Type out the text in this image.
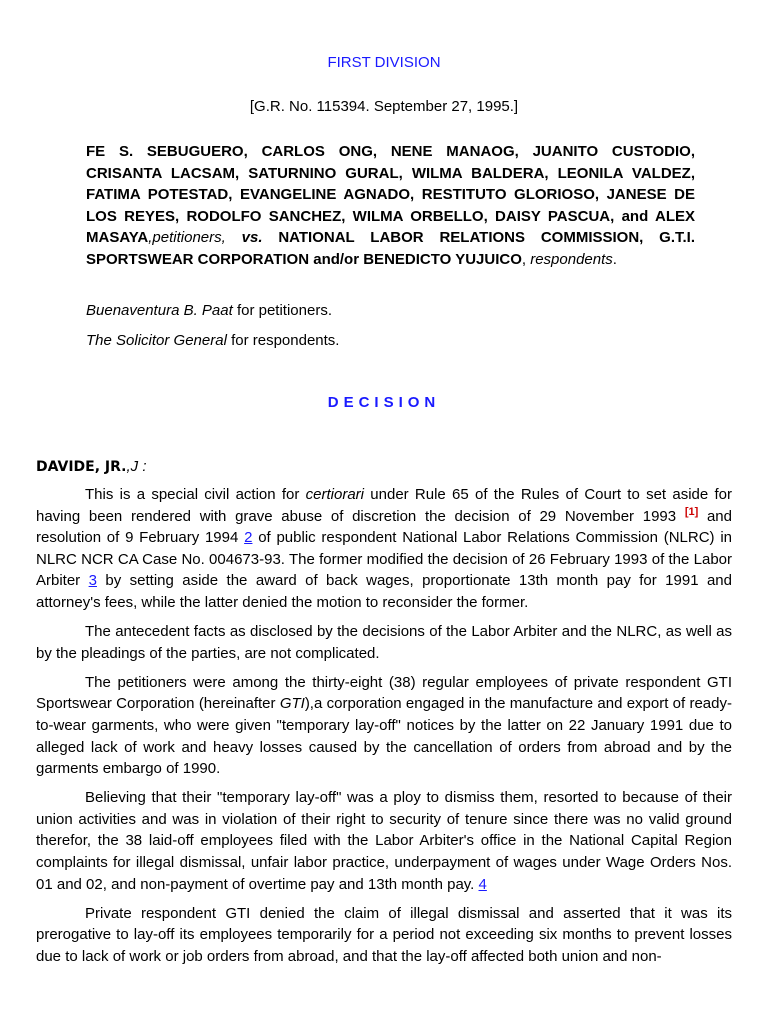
FIRST DIVISION
[G.R. No. 115394. September 27, 1995.]
FE S. SEBUGUERO, CARLOS ONG, NENE MANAOG, JUANITO CUSTODIO, CRISANTA LACSAM, SATURNINO GURAL, WILMA BALDERA, LEONILA VALDEZ, FATIMA POTESTAD, EVANGELINE AGNADO, RESTITUTO GLORIOSO, JANESE DE LOS REYES, RODOLFO SANCHEZ, WILMA ORBELLO, DAISY PASCUA, and ALEX MASAYA,petitioners, vs. NATIONAL LABOR RELATIONS COMMISSION, G.T.I. SPORTSWEAR CORPORATION and/or BENEDICTO YUJUICO, respondents.
Buenaventura B. Paat for petitioners.
The Solicitor General for respondents.
DECISION
DAVIDE, JR.,J :

This is a special civil action for certiorari under Rule 65 of the Rules of Court to set aside for having been rendered with grave abuse of discretion the decision of 29 November 1993 [1] and resolution of 9 February 1994 2 of public respondent National Labor Relations Commission (NLRC) in NLRC NCR CA Case No. 004673-93. The former modified the decision of 26 February 1993 of the Labor Arbiter 3 by setting aside the award of back wages, proportionate 13th month pay for 1991 and attorney's fees, while the latter denied the motion to reconsider the former.

The antecedent facts as disclosed by the decisions of the Labor Arbiter and the NLRC, as well as by the pleadings of the parties, are not complicated.

The petitioners were among the thirty-eight (38) regular employees of private respondent GTI Sportswear Corporation (hereinafter GTI),a corporation engaged in the manufacture and export of ready-to-wear garments, who were given "temporary lay-off" notices by the latter on 22 January 1991 due to alleged lack of work and heavy losses caused by the cancellation of orders from abroad and by the garments embargo of 1990.

Believing that their "temporary lay-off" was a ploy to dismiss them, resorted to because of their union activities and was in violation of their right to security of tenure since there was no valid ground therefor, the 38 laid-off employees filed with the Labor Arbiter's office in the National Capital Region complaints for illegal dismissal, unfair labor practice, underpayment of wages under Wage Orders Nos. 01 and 02, and non-payment of overtime pay and 13th month pay. 4

Private respondent GTI denied the claim of illegal dismissal and asserted that it was its prerogative to lay-off its employees temporarily for a period not exceeding six months to prevent losses due to lack of work or job orders from abroad, and that the lay-off affected both union and non-
